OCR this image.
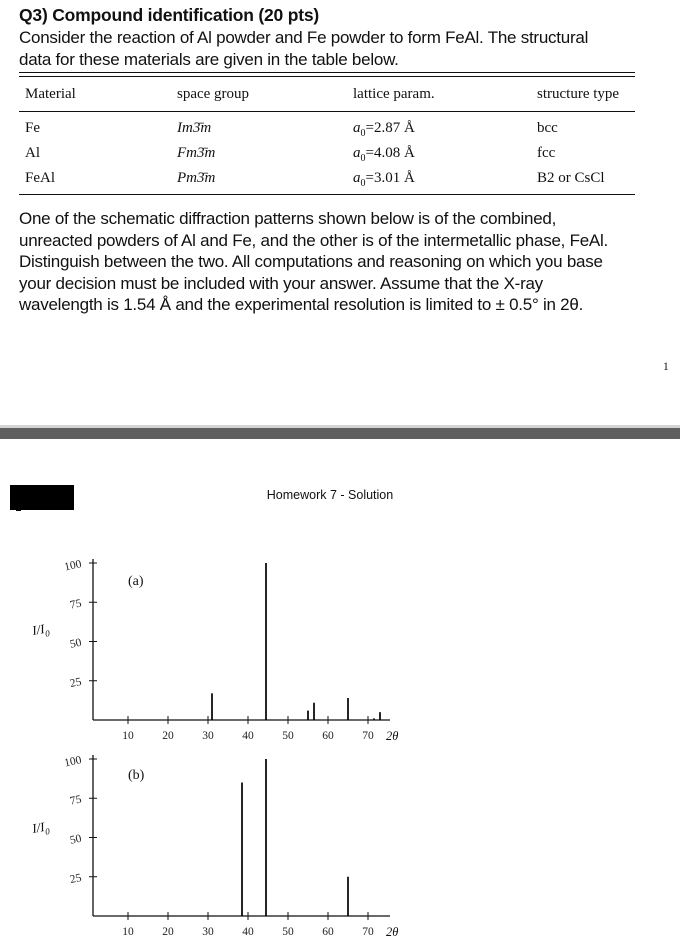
Q3) Compound identification (20 pts)
Consider the reaction of Al powder and Fe powder to form FeAl. The structural
data for these materials are given in the table below.
Material	space group	lattice param.	structure type
Fe	Im3̄m	$a_0=2.87$ Å	bcc
Al	Fm3̄m	$a_0=4.08$ Å	fcc
FeAl	Pm3̄m	$a_0=3.01$ Å	B2 or CsCl
One of the schematic diffraction patterns shown below is of the combined,
unreacted powders of Al and Fe, and the other is of the intermetallic phase, FeAl.
Distinguish between the two. All computations and reasoning on which you base
your decision must be included with your answer. Assume that the X-ray
wavelength is 1.54 Å and the experimental resolution is limited to ± 0.5° in 2θ.
1
Homework 7 - Solution
100
75
50
25
10 20 30 40 50 60 70 2θ
$I/I_0$
(a)
100
75
50
25
10 20 30 40 50 60 70 2θ
$I/I_0$
(b)
